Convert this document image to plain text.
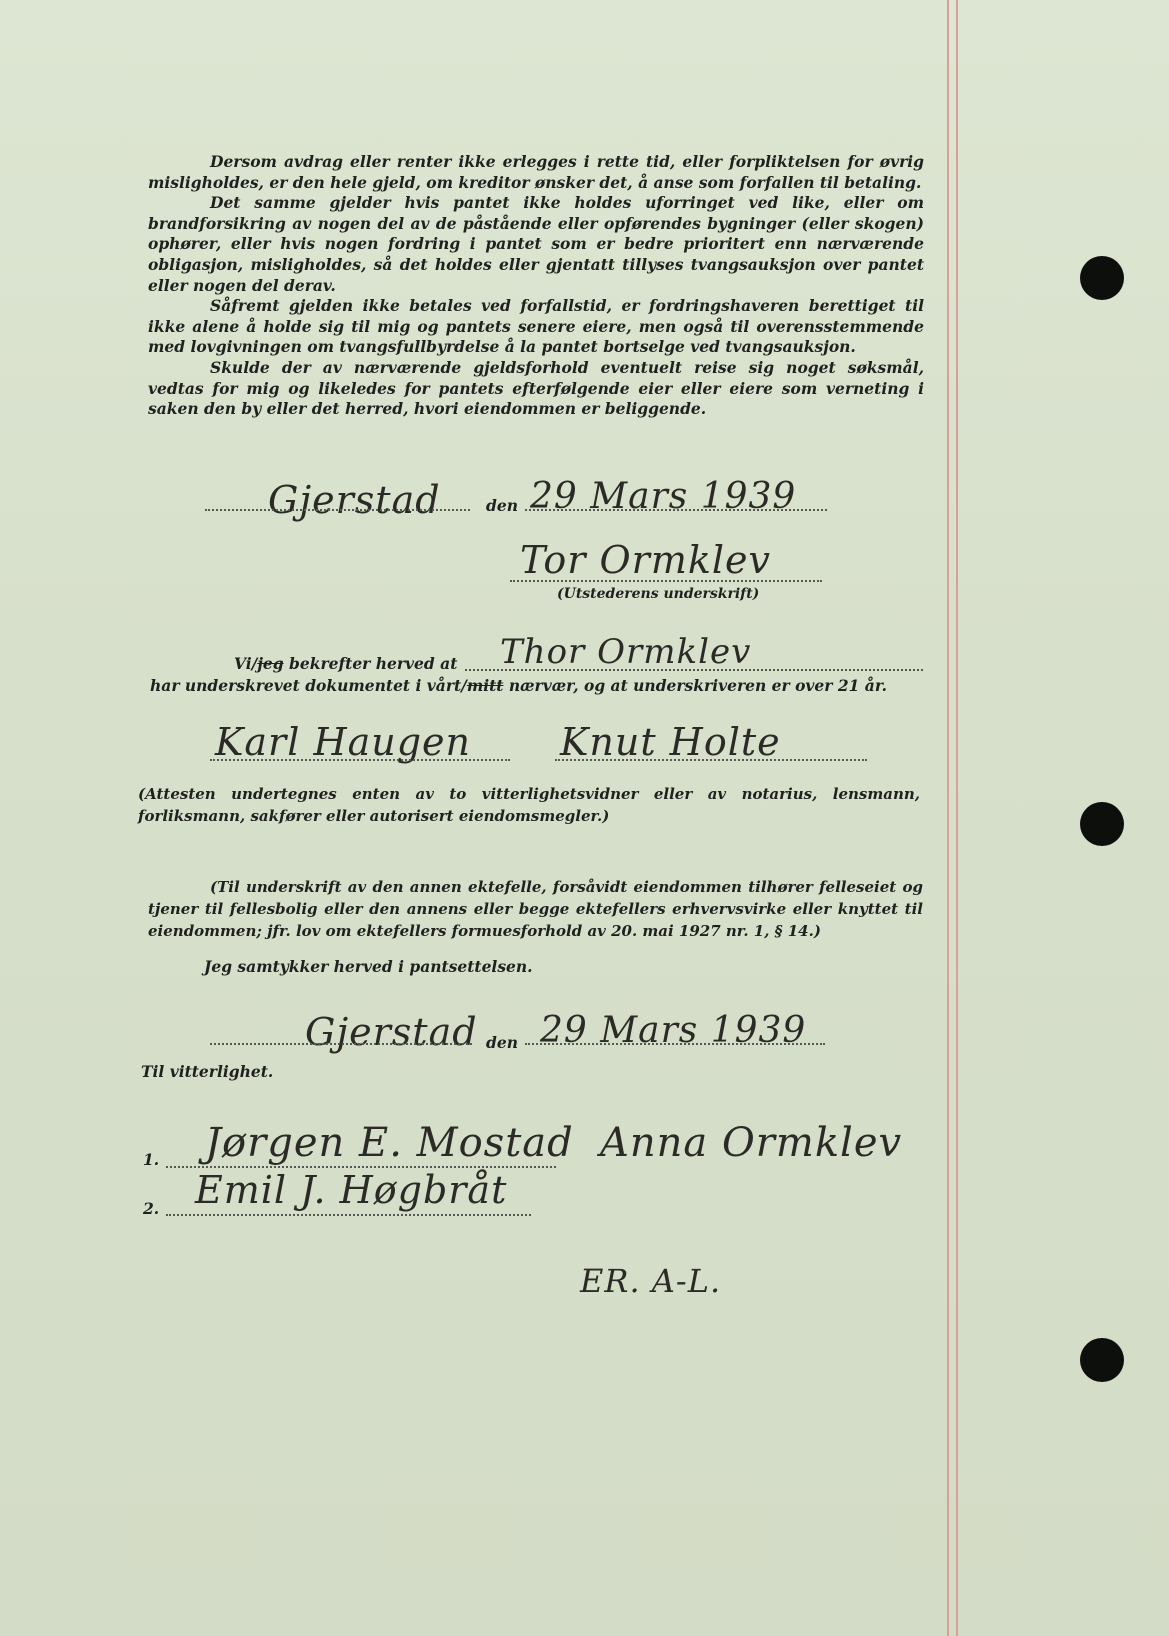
Dersom avdrag eller renter ikke erlegges i rette tid, eller forpliktelsen for øvrig misligholdes, er den hele gjeld, om kreditor ønsker det, å anse som forfallen til betaling.

Det samme gjelder hvis pantet ikke holdes uforringet ved like, eller om brandforsikring av nogen del av de påstående eller opførendes bygninger (eller skogen) ophører, eller hvis nogen fordring i pantet som er bedre prioritert enn nærværende obligasjon, misligholdes, så det holdes eller gjentatt tillyses tvangsauksjon over pantet eller nogen del derav.

Såfremt gjelden ikke betales ved forfallstid, er fordringshaveren berettiget til ikke alene å holde sig til mig og pantets senere eiere, men også til overensstemmende med lovgivningen om tvangsfullbyrdelse å la pantet bortselge ved tvangsauksjon.

Skulde der av nærværende gjeldsforhold eventuelt reise sig noget søksmål, vedtas for mig og likeledes for pantets efterfølgende eier eller eiere som verneting i saken den by eller det herred, hvori eiendommen er beliggende.

Gjerstad	den 29 Mars 1939
Tor Ormklev
(Utstederens underskrift)
Vi/jeg bekrefter herved at Thor Ormklev
har underskrevet dokumentet i vårt/mitt nærvær, og at underskriveren er over 21 år.
Karl Haugen Knut Holte

(Attesten undertegnes enten av to vitterlighetsvidner eller av notarius, lensmann, forliksmann, sakfører eller autorisert eiendomsmegler.)

(Til underskrift av den annen ektefelle, forsåvidt eiendommen tilhører felleseiet og tjener til fellesbolig eller den annens eller begge ektefellers erhvervsvirke eller knyttet til eiendommen; jfr. lov om ektefellers formuesforhold av 20. mai 1927 nr. 1, § 14.)

Jeg samtykker herved i pantsettelsen.
Gjerstad den 29 Mars 1939
Til vitterlighet.
1. Jørgen E. Mostad Anna Ormklev
2. Emil J. Høgbråt
ER. A-L.
